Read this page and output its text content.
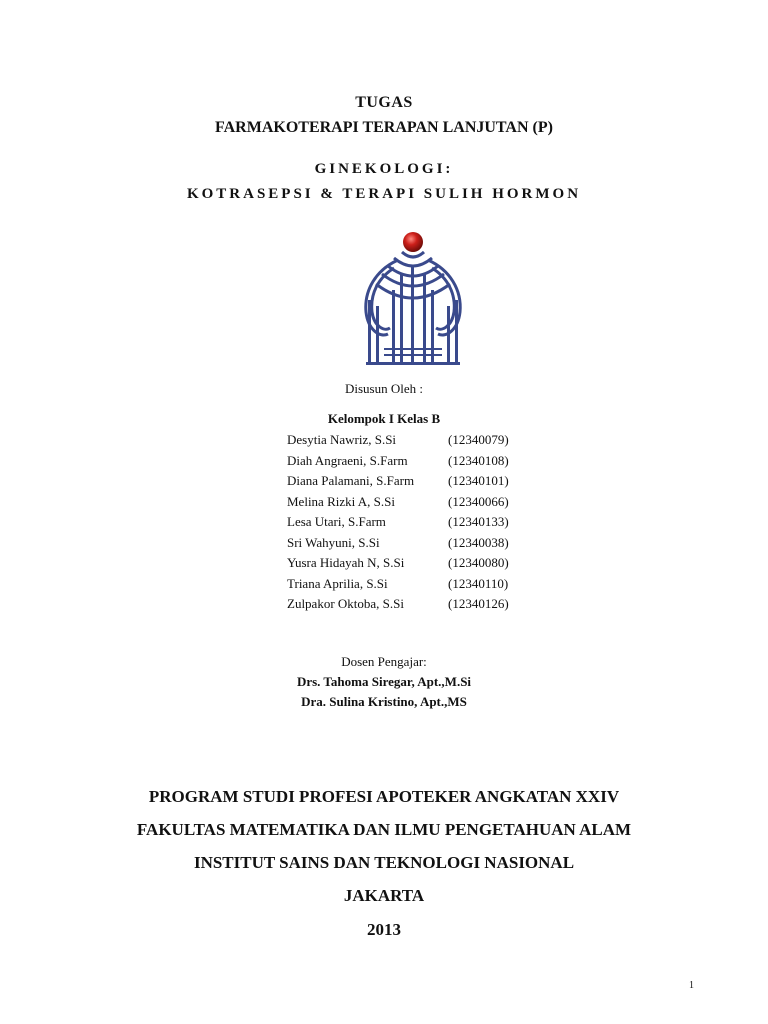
TUGAS
FARMAKOTERAPI TERAPAN LANJUTAN (P)
GINEKOLOGI:
KOTRASEPSI & TERAPI SULIH HORMON
Disusun Oleh :
Kelompok I Kelas B
Desytia Nawriz, S.Si	(12340079)
Diah Angraeni, S.Farm	(12340108)
Diana Palamani, S.Farm	(12340101)
Melina Rizki A, S.Si	(12340066)
Lesa Utari, S.Farm	(12340133)
Sri Wahyuni, S.Si	(12340038)
Yusra Hidayah N, S.Si	(12340080)
Triana Aprilia, S.Si	(12340110)
Zulpakor Oktoba, S.Si	(12340126)
Dosen Pengajar:
Drs. Tahoma Siregar, Apt.,M.Si
Dra. Sulina Kristino, Apt.,MS
PROGRAM STUDI PROFESI APOTEKER ANGKATAN XXIV
FAKULTAS MATEMATIKA DAN ILMU PENGETAHUAN ALAM
INSTITUT SAINS DAN TEKNOLOGI NASIONAL
JAKARTA
2013
1
